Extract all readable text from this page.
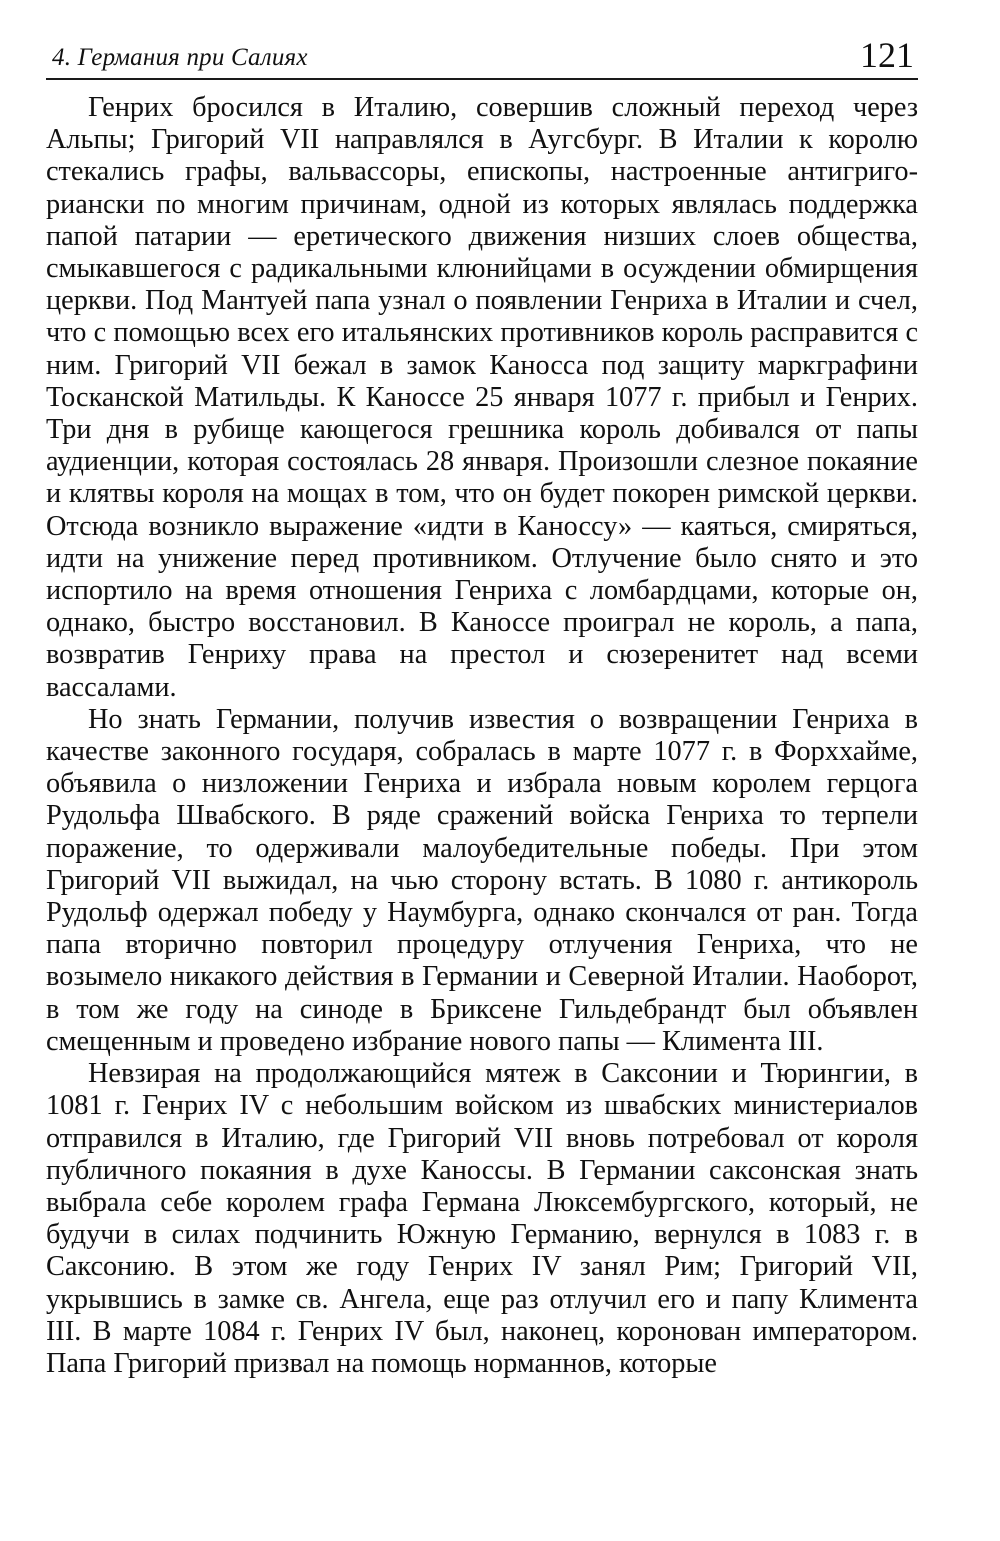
4. Германия при Салиях	121

Генрих бросился в Италию, совершив сложный переход через Альпы; Григорий VII направлялся в Аугсбург. В Италии к королю стекались графы, вальвассоры, епископы, настроенные антигригориански по многим причинам, одной из которых являлась поддержка папой патарии — еретического движения низших слоев общества, смыкавшегося с радикальными клюнийцами в осуждении обмирщения церкви. Под Мантуей папа узнал о появлении Генриха в Италии и счел, что с помощью всех его итальянских противников король расправится с ним. Григорий VII бежал в замок Каносса под защиту маркграфини Тосканской Матильды. К Каноссе 25 января 1077 г. прибыл и Генрих. Три дня в рубище кающегося грешника король добивался от папы аудиенции, которая состоялась 28 января. Произошли слезное покаяние и клятвы короля на мощах в том, что он будет покорен римской церкви. Отсюда возникло выражение «идти в Каноссу» — каяться, смиряться, идти на унижение перед противником. Отлучение было снято и это испортило на время отношения Генриха с ломбардцами, которые он, однако, быстро восстановил. В Каноссе проиграл не король, а папа, возвратив Генриху права на престол и сюзеренитет над всеми вассалами.

Но знать Германии, получив известия о возвращении Генриха в качестве законного государя, собралась в марте 1077 г. в Форххайме, объявила о низложении Генриха и избрала новым королем герцога Рудольфа Швабского. В ряде сражений войска Генриха то терпели поражение, то одерживали малоубедительные победы. При этом Григорий VII выжидал, на чью сторону встать. В 1080 г. антикороль Рудольф одержал победу у Наумбурга, однако скончался от ран. Тогда папа вторично повторил процедуру отлучения Генриха, что не возымело никакого действия в Германии и Северной Италии. Наоборот, в том же году на синоде в Бриксене Гильдебрандт был объявлен смещенным и проведено избрание нового папы — Климента III.

Невзирая на продолжающийся мятеж в Саксонии и Тюрингии, в 1081 г. Генрих IV с небольшим войском из швабских министериалов отправился в Италию, где Григорий VII вновь потребовал от короля публичного покаяния в духе Каноссы. В Германии саксонская знать выбрала себе королем графа Германа Люксембургского, который, не будучи в силах подчинить Южную Германию, вернулся в 1083 г. в Саксонию. В этом же году Генрих IV занял Рим; Григорий VII, укрывшись в замке св. Ангела, еще раз отлучил его и папу Климента III. В марте 1084 г. Генрих IV был, наконец, коронован императором. Папа Григорий призвал на помощь норманнов, которые
